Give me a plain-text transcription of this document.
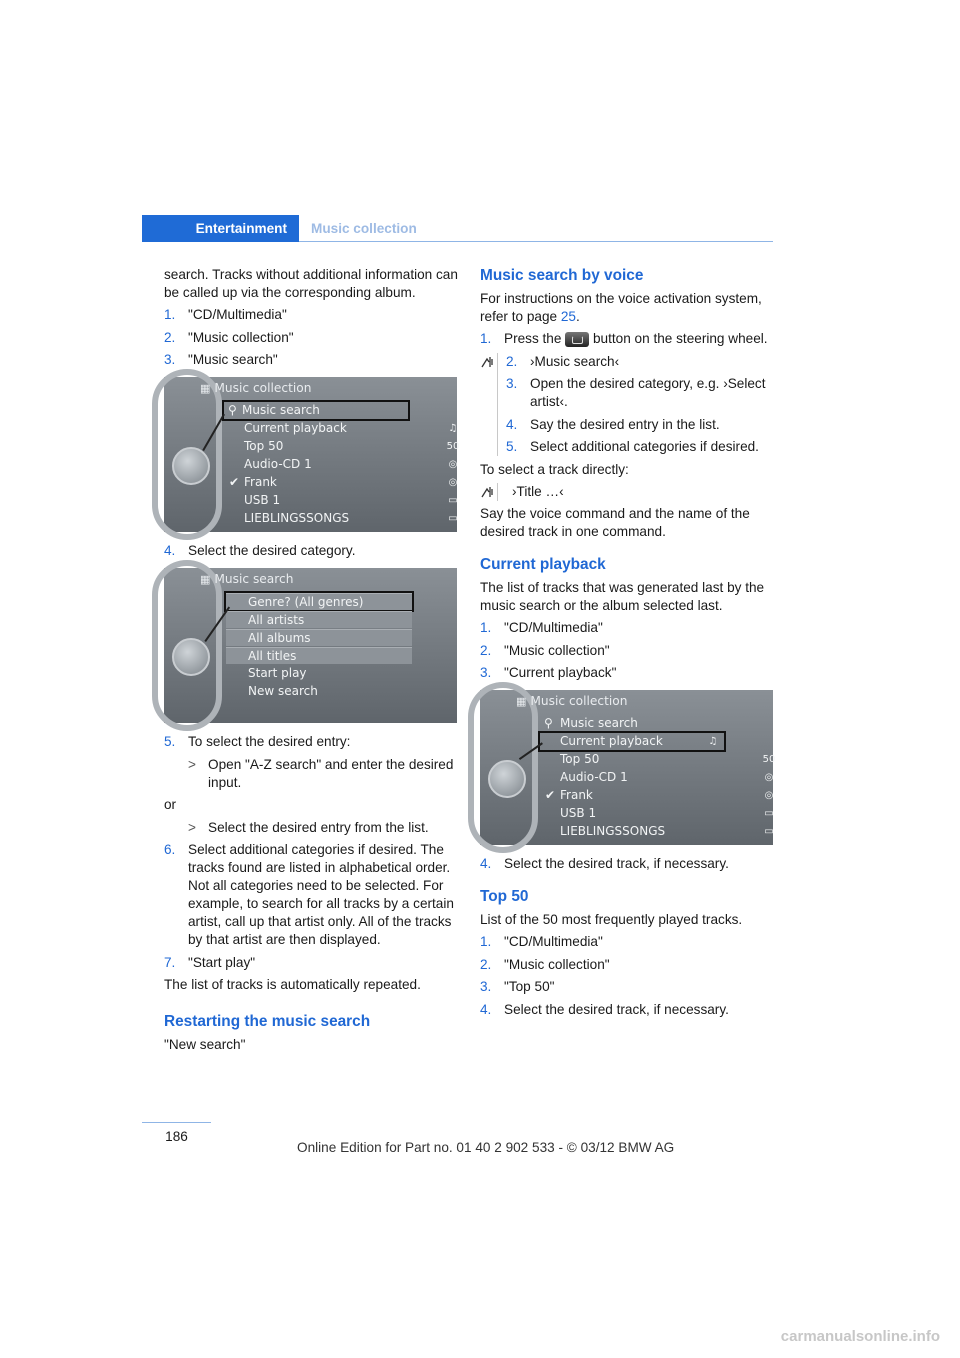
Entertainment	Music collection

search. Tracks without additional information can be called up via the corresponding album.

1. "CD/Multimedia"
2. "Music collection"
3. "Music search"
▦ Music collection
⚲ Music search
Current playback	♫
Top 50	50
Audio-CD 1	◎
✔ Frank	◎
USB 1	▭
LIEBLINGSSONGS	▭
4. Select the desired category.
▦ Music search
Genre? (All genres)
All artists
All albums
All titles
Start play
New search
5. To select the desired entry:
> Open "A-Z search" and enter the desired input.
or
> Select the desired entry from the list.
6. Select additional categories if desired. The tracks found are listed in alphabetical order. Not all categories need to be selected. For example, to search for all tracks by a certain artist, call up that artist only. All of the tracks by that artist are then displayed.
7. "Start play"

The list of tracks is automatically repeated.

Restarting the music search

"New search"

Music search by voice

For instructions on the voice activation system, refer to page 25.

1. Press the  button on the steering wheel.
2. ›Music search‹
3. Open the desired category, e.g. ›Select artist‹.
4. Say the desired entry in the list.
5. Select additional categories if desired.

To select a track directly:

›Title …‹

Say the voice command and the name of the desired track in one command.

Current playback

The list of tracks that was generated last by the music search or the album selected last.

1. "CD/Multimedia"
2. "Music collection"
3. "Current playback"
▦ Music collection
⚲ Music search
Current playback	♫
Top 50	50
Audio-CD 1	◎
✔ Frank	◎
USB 1	▭
LIEBLINGSSONGS	▭
4. Select the desired track, if necessary.
Top 50

List of the 50 most frequently played tracks.

1. "CD/Multimedia"
2. "Music collection"
3. "Top 50"
4. Select the desired track, if necessary.
186
Online Edition for Part no. 01 40 2 902 533 - © 03/12 BMW AG
carmanualsonline.info
